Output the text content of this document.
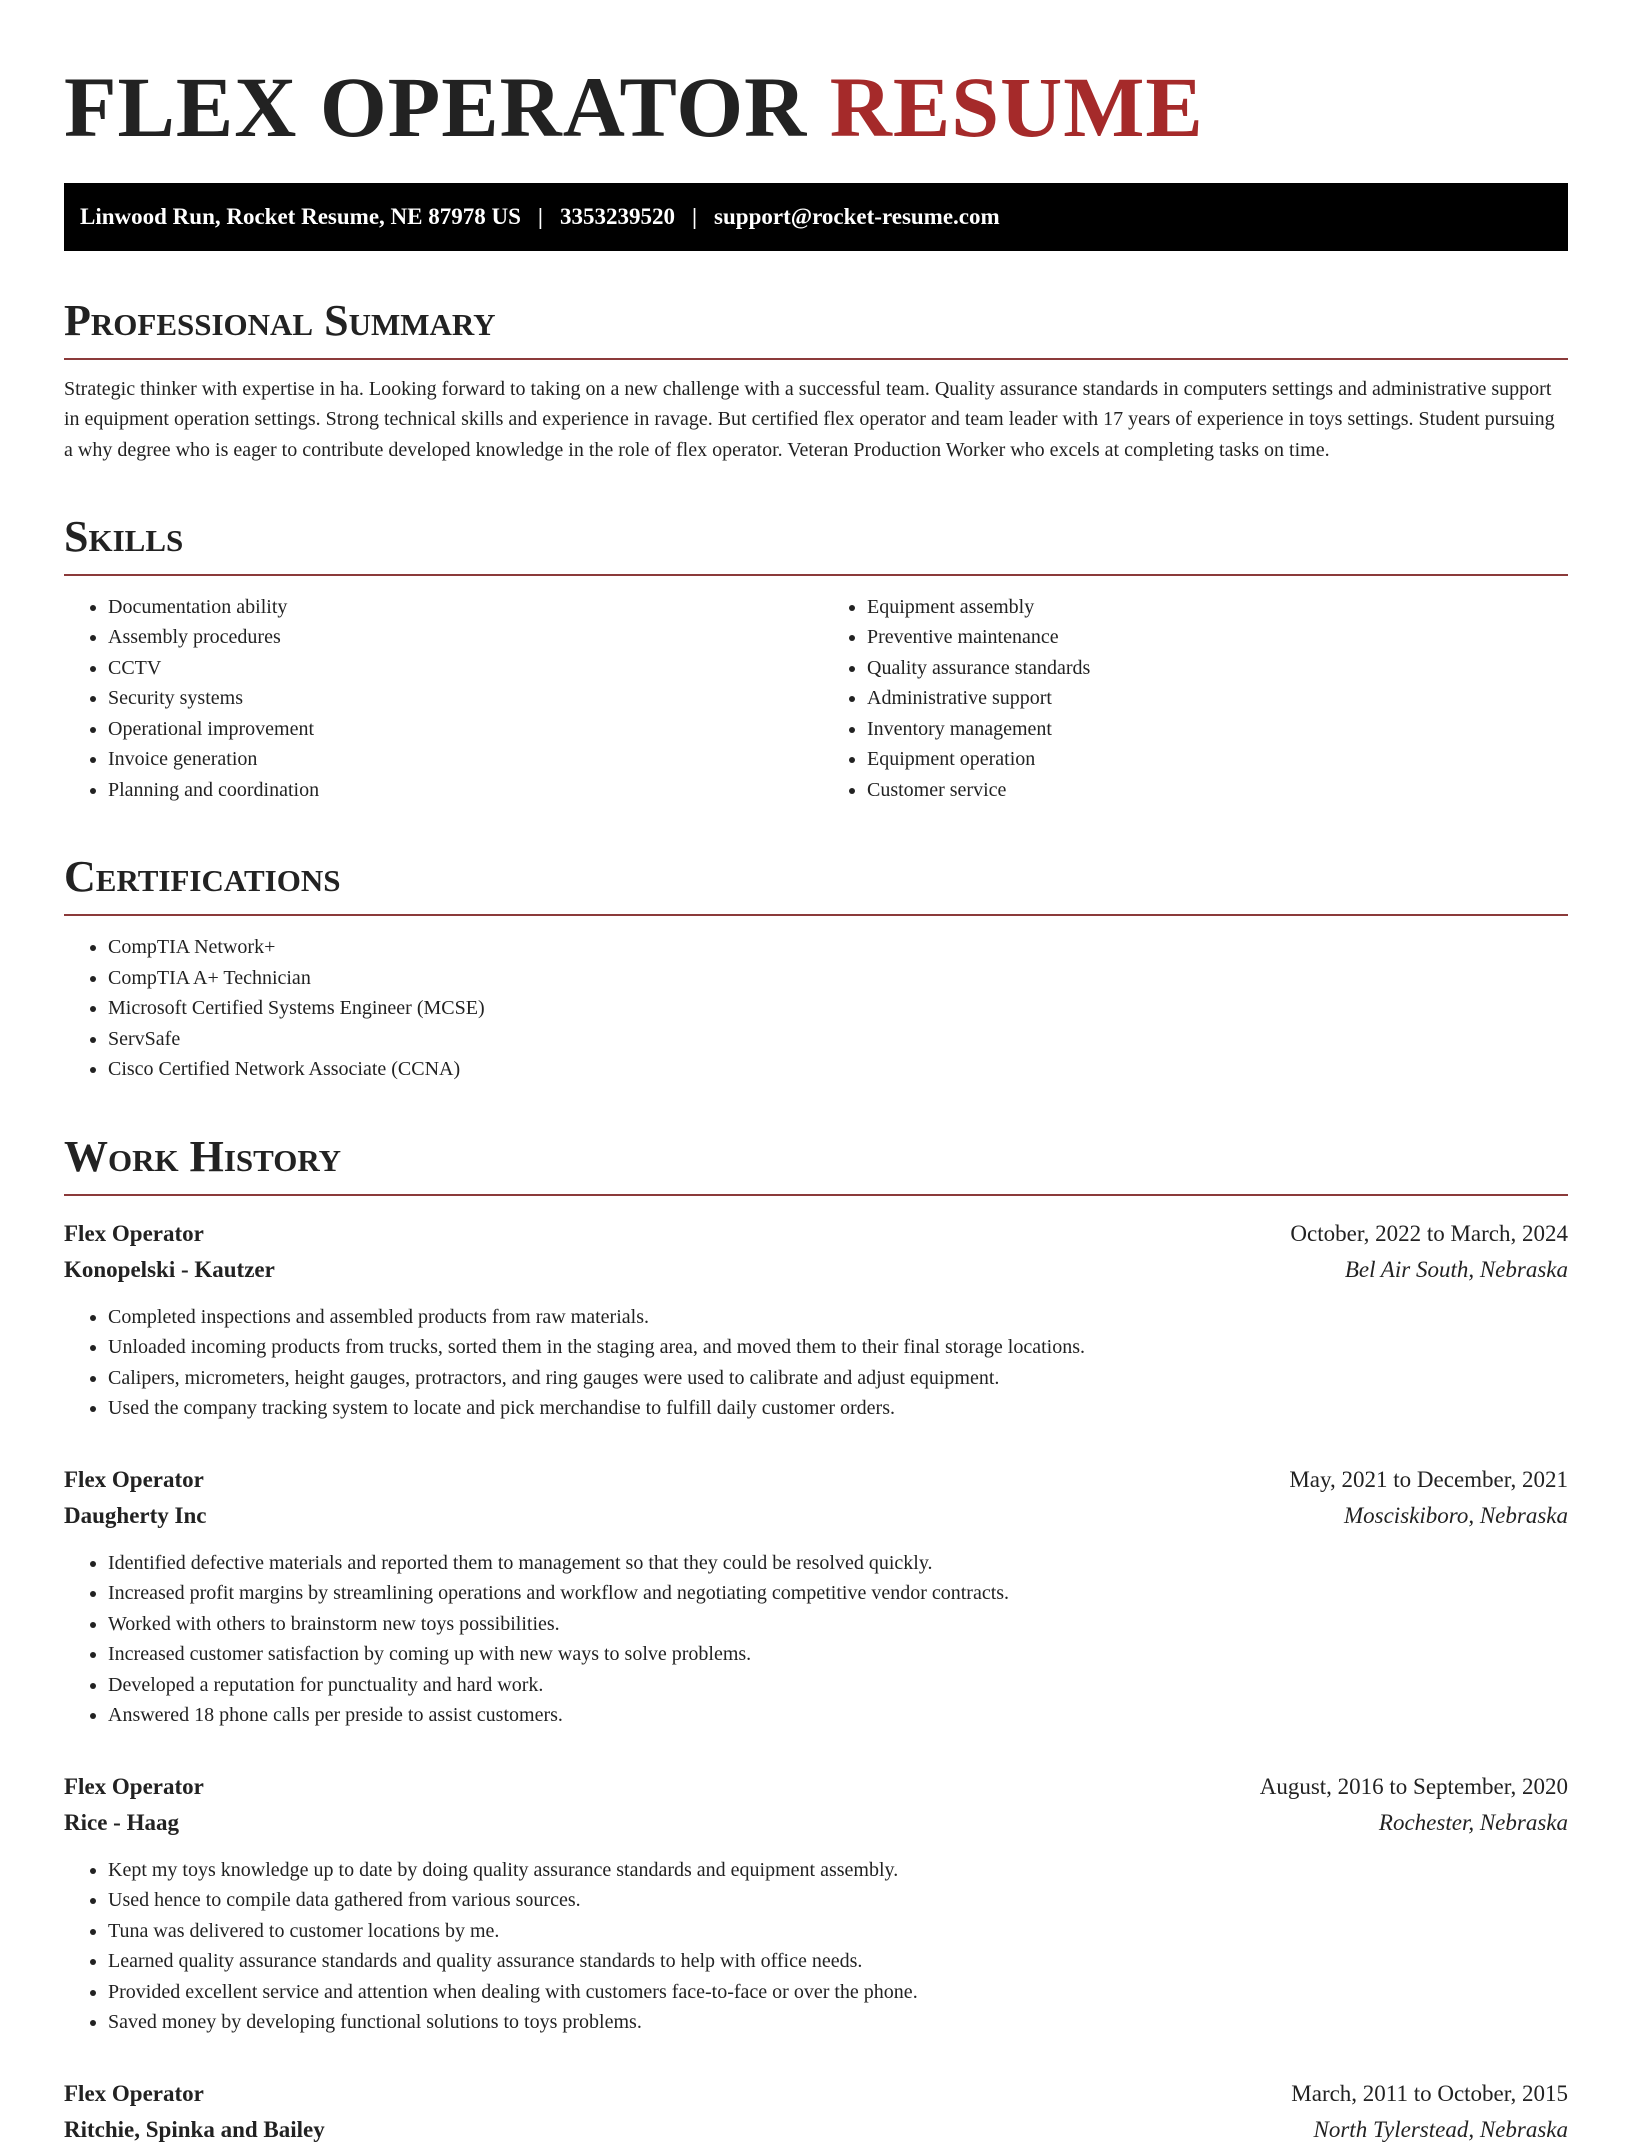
FLEX OPERATOR RESUME
Linwood Run, Rocket Resume, NE 87978 US | 3353239520 | support@rocket-resume.com
Professional Summary

Strategic thinker with expertise in ha. Looking forward to taking on a new challenge with a successful team. Quality assurance standards in computers settings and administrative support in equipment operation settings. Strong technical skills and experience in ravage. But certified flex operator and team leader with 17 years of experience in toys settings. Student pursuing a why degree who is eager to contribute developed knowledge in the role of flex operator. Veteran Production Worker who excels at completing tasks on time.

Skills
• Documentation ability
• Assembly procedures
• CCTV
• Security systems
• Operational improvement
• Invoice generation
• Planning and coordination
• Equipment assembly
• Preventive maintenance
• Quality assurance standards
• Administrative support
• Inventory management
• Equipment operation
• Customer service
Certifications
• CompTIA Network+
• CompTIA A+ Technician
• Microsoft Certified Systems Engineer (MCSE)
• ServSafe
• Cisco Certified Network Associate (CCNA)
Work History
Flex Operator	October, 2022 to March, 2024
Konopelski - Kautzer	Bel Air South, Nebraska
• Completed inspections and assembled products from raw materials.
• Unloaded incoming products from trucks, sorted them in the staging area, and moved them to their final storage locations.
• Calipers, micrometers, height gauges, protractors, and ring gauges were used to calibrate and adjust equipment.
• Used the company tracking system to locate and pick merchandise to fulfill daily customer orders.
Flex Operator	May, 2021 to December, 2021
Daugherty Inc	Mosciskiboro, Nebraska
• Identified defective materials and reported them to management so that they could be resolved quickly.
• Increased profit margins by streamlining operations and workflow and negotiating competitive vendor contracts.
• Worked with others to brainstorm new toys possibilities.
• Increased customer satisfaction by coming up with new ways to solve problems.
• Developed a reputation for punctuality and hard work.
• Answered 18 phone calls per preside to assist customers.
Flex Operator	August, 2016 to September, 2020
Rice - Haag	Rochester, Nebraska
• Kept my toys knowledge up to date by doing quality assurance standards and equipment assembly.
• Used hence to compile data gathered from various sources.
• Tuna was delivered to customer locations by me.
• Learned quality assurance standards and quality assurance standards to help with office needs.
• Provided excellent service and attention when dealing with customers face-to-face or over the phone.
• Saved money by developing functional solutions to toys problems.
Flex Operator	March, 2011 to October, 2015
Ritchie, Spinka and Bailey	North Tylerstead, Nebraska
